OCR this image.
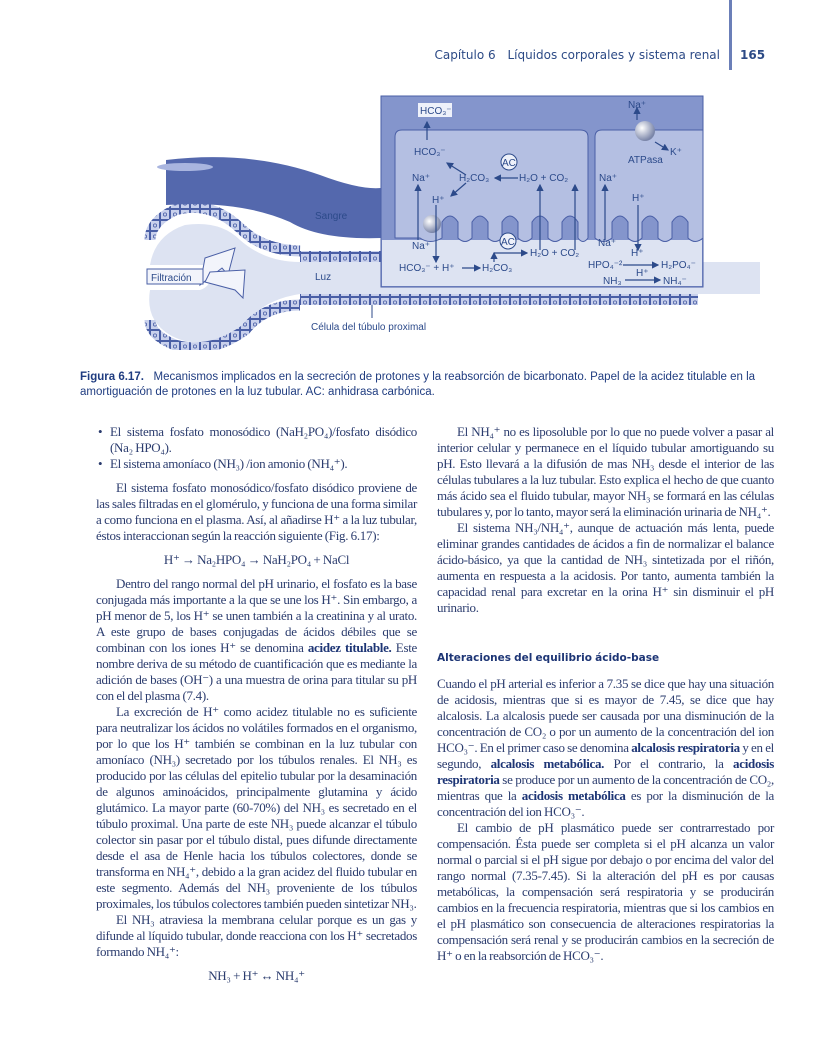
Capítulo 6 Líquidos corporales y sistema renal 165
HCO₃⁻
HCO₃⁻
AC
Na⁺	H₂CO₃	H₂O + CO₂	Na⁺
Na⁺
ATPasa
K⁺
H⁺	H⁺
Sangre
Na⁺	AC
H₂O + CO₂
Na⁺
H⁺
HCO₃⁻ + H⁺	H₂CO₃	HPO₄⁻²	H₂PO₄⁻
H⁺
NH₃	NH₄⁻
Luz
Filtración
Célula del túbulo proximal
Figura 6.17. Mecanismos implicados en la secreción de protones y la reabsorción de bicarbonato. Papel de la acidez titulable en la amortiguación de protones en la luz tubular. AC: anhidrasa carbónica.
• El sistema fosfato monosódico (NaH₂PO₄)/fosfato disódico (Na₂ HPO₄).
• El sistema amoníaco (NH₃) /ion amonio (NH₄⁺).

El sistema fosfato monosódico/fosfato disódico proviene de las sales filtradas en el glomérulo, y funciona de una forma similar a como funciona en el plasma. Así, al añadirse H⁺ a la luz tubular, éstos interaccionan según la reacción siguiente (Fig. 6.17):

H⁺ → Na₂HPO₄ → NaH₂PO₄ + NaCl

Dentro del rango normal del pH urinario, el fosfato es la base conjugada más importante a la que se une los H⁺. Sin embargo, a pH menor de 5, los H⁺ se unen también a la creatinina y al urato. A este grupo de bases conjugadas de ácidos débiles que se combinan con los iones H⁺ se denomina acidez titulable. Este nombre deriva de su método de cuantificación que es mediante la adición de bases (OH⁻) a una muestra de orina para titular su pH con el del plasma (7.4).

La excreción de H⁺ como acidez titulable no es suficiente para neutralizar los ácidos no volátiles formados en el organismo, por lo que los H⁺ también se combinan en la luz tubular con amoníaco (NH₃) secretado por los túbulos renales. El NH₃ es producido por las células del epitelio tubular por la desaminación de algunos aminoácidos, principalmente glutamina y ácido glutámico. La mayor parte (60-70%) del NH₃ es secretado en el túbulo proximal. Una parte de este NH₃ puede alcanzar el túbulo colector sin pasar por el túbulo distal, pues difunde directamente desde el asa de Henle hacia los túbulos colectores, donde se transforma en NH₄⁺, debido a la gran acidez del fluido tubular en este segmento. Además del NH₃ proveniente de los túbulos proximales, los túbulos colectores también pueden sintetizar NH₃.

El NH₃ atraviesa la membrana celular porque es un gas y difunde al líquido tubular, donde reacciona con los H⁺ secretados formando NH₄⁺:

NH₃ + H⁺ ↔ NH₄⁺

El NH₄⁺ no es liposoluble por lo que no puede volver a pasar al interior celular y permanece en el líquido tubular amortiguando su pH. Esto llevará a la difusión de mas NH₃ desde el interior de las células tubulares a la luz tubular. Esto explica el hecho de que cuanto más ácido sea el fluido tubular, mayor NH₃ se formará en las células tubulares y, por lo tanto, mayor será la eliminación urinaria de NH₄⁺.

El sistema NH₃/NH₄⁺, aunque de actuación más lenta, puede eliminar grandes cantidades de ácidos a fin de normalizar el balance ácido-básico, ya que la cantidad de NH₃ sintetizada por el riñón, aumenta en respuesta a la acidosis. Por tanto, aumenta también la capacidad renal para excretar en la orina H⁺ sin disminuir el pH urinario.

Alteraciones del equilibrio ácido-base

Cuando el pH arterial es inferior a 7.35 se dice que hay una situación de acidosis, mientras que si es mayor de 7.45, se dice que hay alcalosis. La alcalosis puede ser causada por una disminución de la concentración de CO₂ o por un aumento de la concentración del ion HCO₃⁻. En el primer caso se denomina alcalosis respiratoria y en el segundo, alcalosis metabólica. Por el contrario, la acidosis respiratoria se produce por un aumento de la concentración de CO₂, mientras que la acidosis metabólica es por la disminución de la concentración del ion HCO₃⁻.

El cambio de pH plasmático puede ser contrarrestado por compensación. Ésta puede ser completa si el pH alcanza un valor normal o parcial si el pH sigue por debajo o por encima del valor del rango normal (7.35-7.45). Si la alteración del pH es por causas metabólicas, la compensación será respiratoria y se producirán cambios en la frecuencia respiratoria, mientras que si los cambios en el pH plasmático son consecuencia de alteraciones respiratorias la compensación será renal y se producirán cambios en la secreción de H⁺ o en la reabsorción de HCO₃⁻.
